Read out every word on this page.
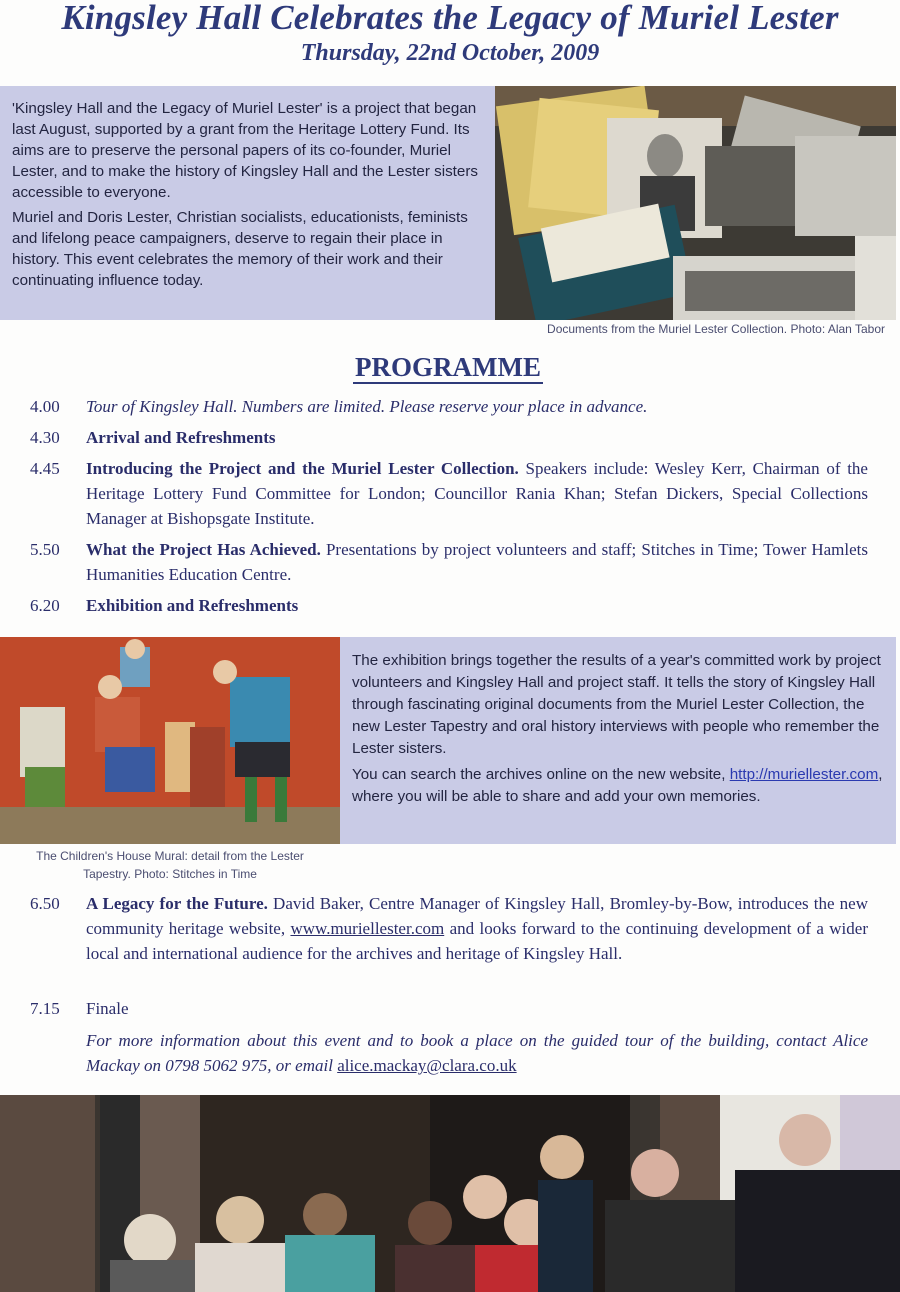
Kingsley Hall Celebrates the Legacy of Muriel Lester
Thursday, 22nd October, 2009

'Kingsley Hall and the Legacy of Muriel Lester' is a project that began last August, supported by a grant from the Heritage Lottery Fund. Its aims are to preserve the personal papers of its co-founder, Muriel Lester, and to make the history of Kingsley Hall and the Lester sisters accessible to everyone.

Muriel and Doris Lester, Christian socialists, educationists, feminists and lifelong peace campaigners, deserve to regain their place in history. This event celebrates the memory of their work and their continuating influence today.

Documents from the Muriel Lester Collection. Photo: Alan Tabor
PROGRAMME
4.00	Tour of Kingsley Hall. Numbers are limited. Please reserve your place in advance.
4.30	Arrival and Refreshments
4.45	Introducing the Project and the Muriel Lester Collection. Speakers include: Wesley Kerr, Chairman of the Heritage Lottery Fund Committee for London; Councillor Rania Khan; Stefan Dickers, Special Collections Manager at Bishopsgate Institute.
5.50	What the Project Has Achieved. Presentations by project volunteers and staff; Stitches in Time; Tower Hamlets Humanities Education Centre.
6.20	Exhibition and Refreshments

The exhibition brings together the results of a year's committed work by project volunteers and Kingsley Hall and project staff. It tells the story of Kingsley Hall through fascinating original documents from the Muriel Lester Collection, the new Lester Tapestry and oral history interviews with people who remember the Lester sisters.

You can search the archives online on the new website, http://muriellester.com, where you will be able to share and add your own memories.

The Children's House Mural: detail from the Lester
Tapestry. Photo: Stitches in Time
6.50	A Legacy for the Future. David Baker, Centre Manager of Kingsley Hall, Bromley-by-Bow, introduces the new community heritage website, www.muriellester.com and looks forward to the continuing development of a wider local and international audience for the archives and heritage of Kingsley Hall.
7.15	Finale
For more information about this event and to book a place on the guided tour of the building, contact Alice Mackay on 0798 5062 975, or email alice.mackay@clara.co.uk
